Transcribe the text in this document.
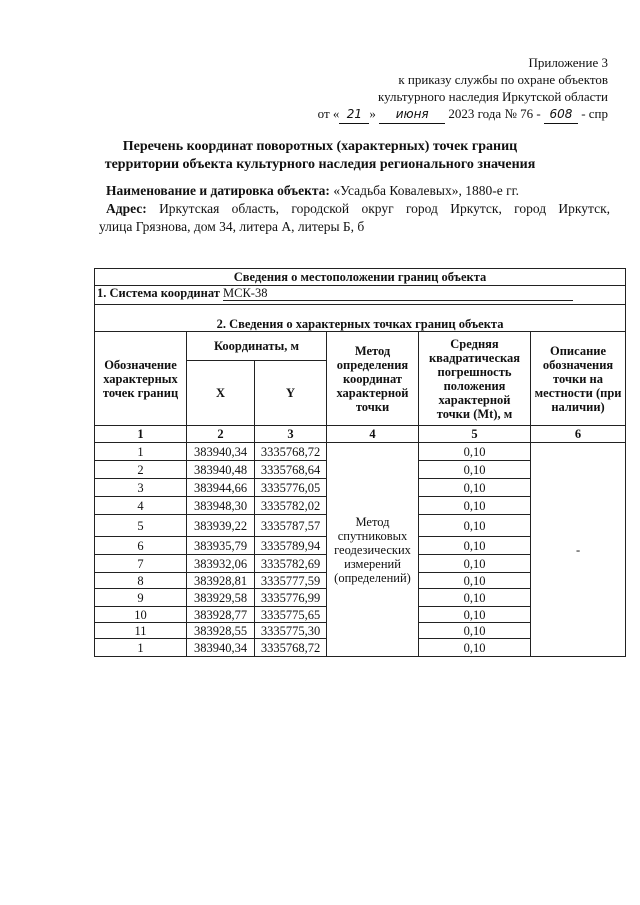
Приложение 3
к приказу службы по охране объектов
культурного наследия Иркутской области
от « 21 » июня 2023 года № 76 - 608 - спр
Перечень координат поворотных (характерных) точек границ
территории объекта культурного наследия регионального значения
Наименование и датировка объекта: «Усадьба Ковалевых», 1880-е гг.
Адрес: Иркутская область, городской округ город Иркутск, город Иркутск,
улица Грязнова, дом 34, литера А, литеры Б, б
Сведения о местоположении границ объекта					
1. Система координат МСК-38					

2. Сведения о характерных точках границ объекта					
Обозначение характерных точек границ	Координаты, м		Метод определения координат характерной точки	Средняя квадратическая погрешность положения характерной точки (Mt), м	Описание обозначения точки на местности (при наличии)
	X	Y			
1	2	3	4	5	6
1	383940,34	3335768,72	Метод спутниковых геодезических измерений (определений)	0,10	-
2	383940,48	3335768,64		0,10	
3	383944,66	3335776,05		0,10	
4	383948,30	3335782,02		0,10	
5	383939,22	3335787,57		0,10	
6	383935,79	3335789,94		0,10	
7	383932,06	3335782,69		0,10	
8	383928,81	3335777,59		0,10	
9	383929,58	3335776,99		0,10	
10	383928,77	3335775,65		0,10	
11	383928,55	3335775,30		0,10	
1	383940,34	3335768,72		0,10	
